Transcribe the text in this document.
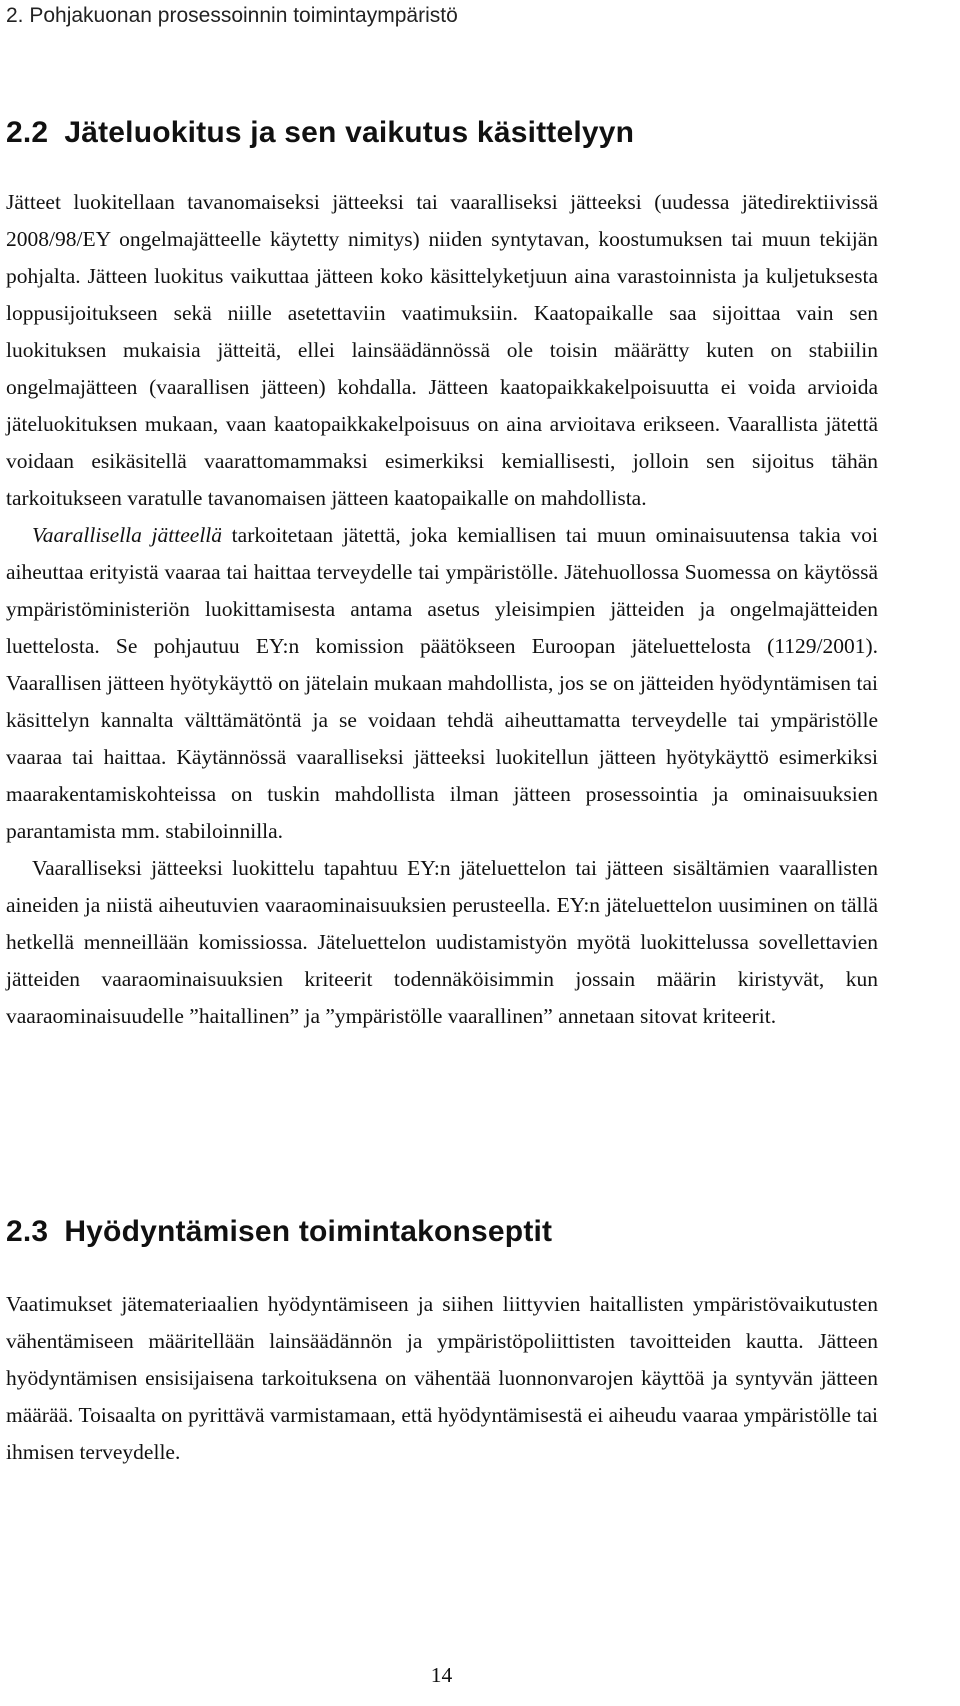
2. Pohjakuonan prosessoinnin toimintaympäristö

2.2 Jäteluokitus ja sen vaikutus käsittelyyn

Jätteet luokitellaan tavanomaiseksi jätteeksi tai vaaralliseksi jätteeksi (uudessa jätedirektiivissä 2008/98/EY ongelmajätteelle käytetty nimitys) niiden syntytavan, koostumuksen tai muun tekijän pohjalta. Jätteen luokitus vaikuttaa jätteen koko käsittelyketjuun aina varastoinnista ja kuljetuksesta loppusijoitukseen sekä niille asetettaviin vaatimuksiin. Kaatopaikalle saa sijoittaa vain sen luokituksen mukaisia jätteitä, ellei lainsäädännössä ole toisin määrätty kuten on stabiilin ongelmajätteen (vaarallisen jätteen) kohdalla. Jätteen kaatopaikkakelpoisuutta ei voida arvioida jäteluokituksen mukaan, vaan kaatopaikkakelpoisuus on aina arvioitava erikseen. Vaarallista jätettä voidaan esikäsitellä vaarattomammaksi esimerkiksi kemiallisesti, jolloin sen sijoitus tähän tarkoitukseen varatulle tavanomaisen jätteen kaatopaikalle on mahdollista.

Vaarallisella jätteellä tarkoitetaan jätettä, joka kemiallisen tai muun ominaisuutensa takia voi aiheuttaa erityistä vaaraa tai haittaa terveydelle tai ympäristölle. Jätehuollossa Suomessa on käytössä ympäristöministeriön luokittamisesta antama asetus yleisimpien jätteiden ja ongelmajätteiden luettelosta. Se pohjautuu EY:n komission päätökseen Euroopan jäteluettelosta (1129/2001). Vaarallisen jätteen hyötykäyttö on jätelain mukaan mahdollista, jos se on jätteiden hyödyntämisen tai käsittelyn kannalta välttämätöntä ja se voidaan tehdä aiheuttamatta terveydelle tai ympäristölle vaaraa tai haittaa. Käytännössä vaaralliseksi jätteeksi luokitellun jätteen hyötykäyttö esimerkiksi maarakentamiskohteissa on tuskin mahdollista ilman jätteen prosessointia ja ominaisuuksien parantamista mm. stabiloinnilla.

Vaaralliseksi jätteeksi luokittelu tapahtuu EY:n jäteluettelon tai jätteen sisältämien vaarallisten aineiden ja niistä aiheutuvien vaaraominaisuuksien perusteella. EY:n jäteluettelon uusiminen on tällä hetkellä menneillään komissiossa. Jäteluettelon uudistamistyön myötä luokittelussa sovellettavien jätteiden vaaraominaisuuksien kriteerit todennäköisimmin jossain määrin kiristyvät, kun vaaraominaisuudelle ”haitallinen” ja ”ympäristölle vaarallinen” annetaan sitovat kriteerit.

2.3 Hyödyntämisen toimintakonseptit

Vaatimukset jätemateriaalien hyödyntämiseen ja siihen liittyvien haitallisten ympäristövaikutusten vähentämiseen määritellään lainsäädännön ja ympäristöpoliittisten tavoitteiden kautta. Jätteen hyödyntämisen ensisijaisena tarkoituksena on vähentää luonnonvarojen käyttöä ja syntyvän jätteen määrää. Toisaalta on pyrittävä varmistamaan, että hyödyntämisestä ei aiheudu vaaraa ympäristölle tai ihmisen terveydelle.

14
